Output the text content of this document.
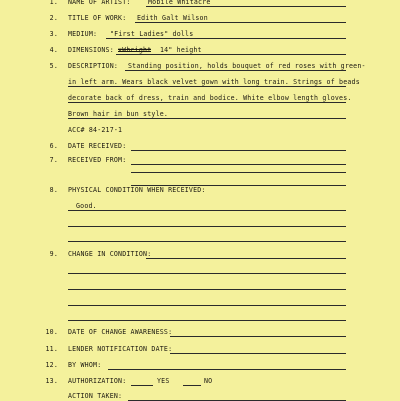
1. NAME OF ARTIST:	Mobile Whitacre
2. TITLE OF WORK: Edith Galt Wilson
3. MEDIUM: "First Ladies" dolls
4. DIMENSIONS: xWheight 14" height
5. DESCRIPTION: Standing position, holds bouquet of red roses with green-
in left arm. Wears black velvet gown with long train. Strings of beads
decorate back of dress, train and bodice. White elbow length gloves.
Brown hair in bun style.
ACC# 84-217-1
6. DATE RECEIVED:
7. RECEIVED FROM:
8. PHYSICAL CONDITION WHEN RECEIVED:
Good.
9. CHANGE IN CONDITION:
10. DATE OF CHANGE AWARENESS:
11. LENDER NOTIFICATION DATE:
12. BY WHOM:
13. AUTHORIZATION:	YES	NO
ACTION TAKEN:
